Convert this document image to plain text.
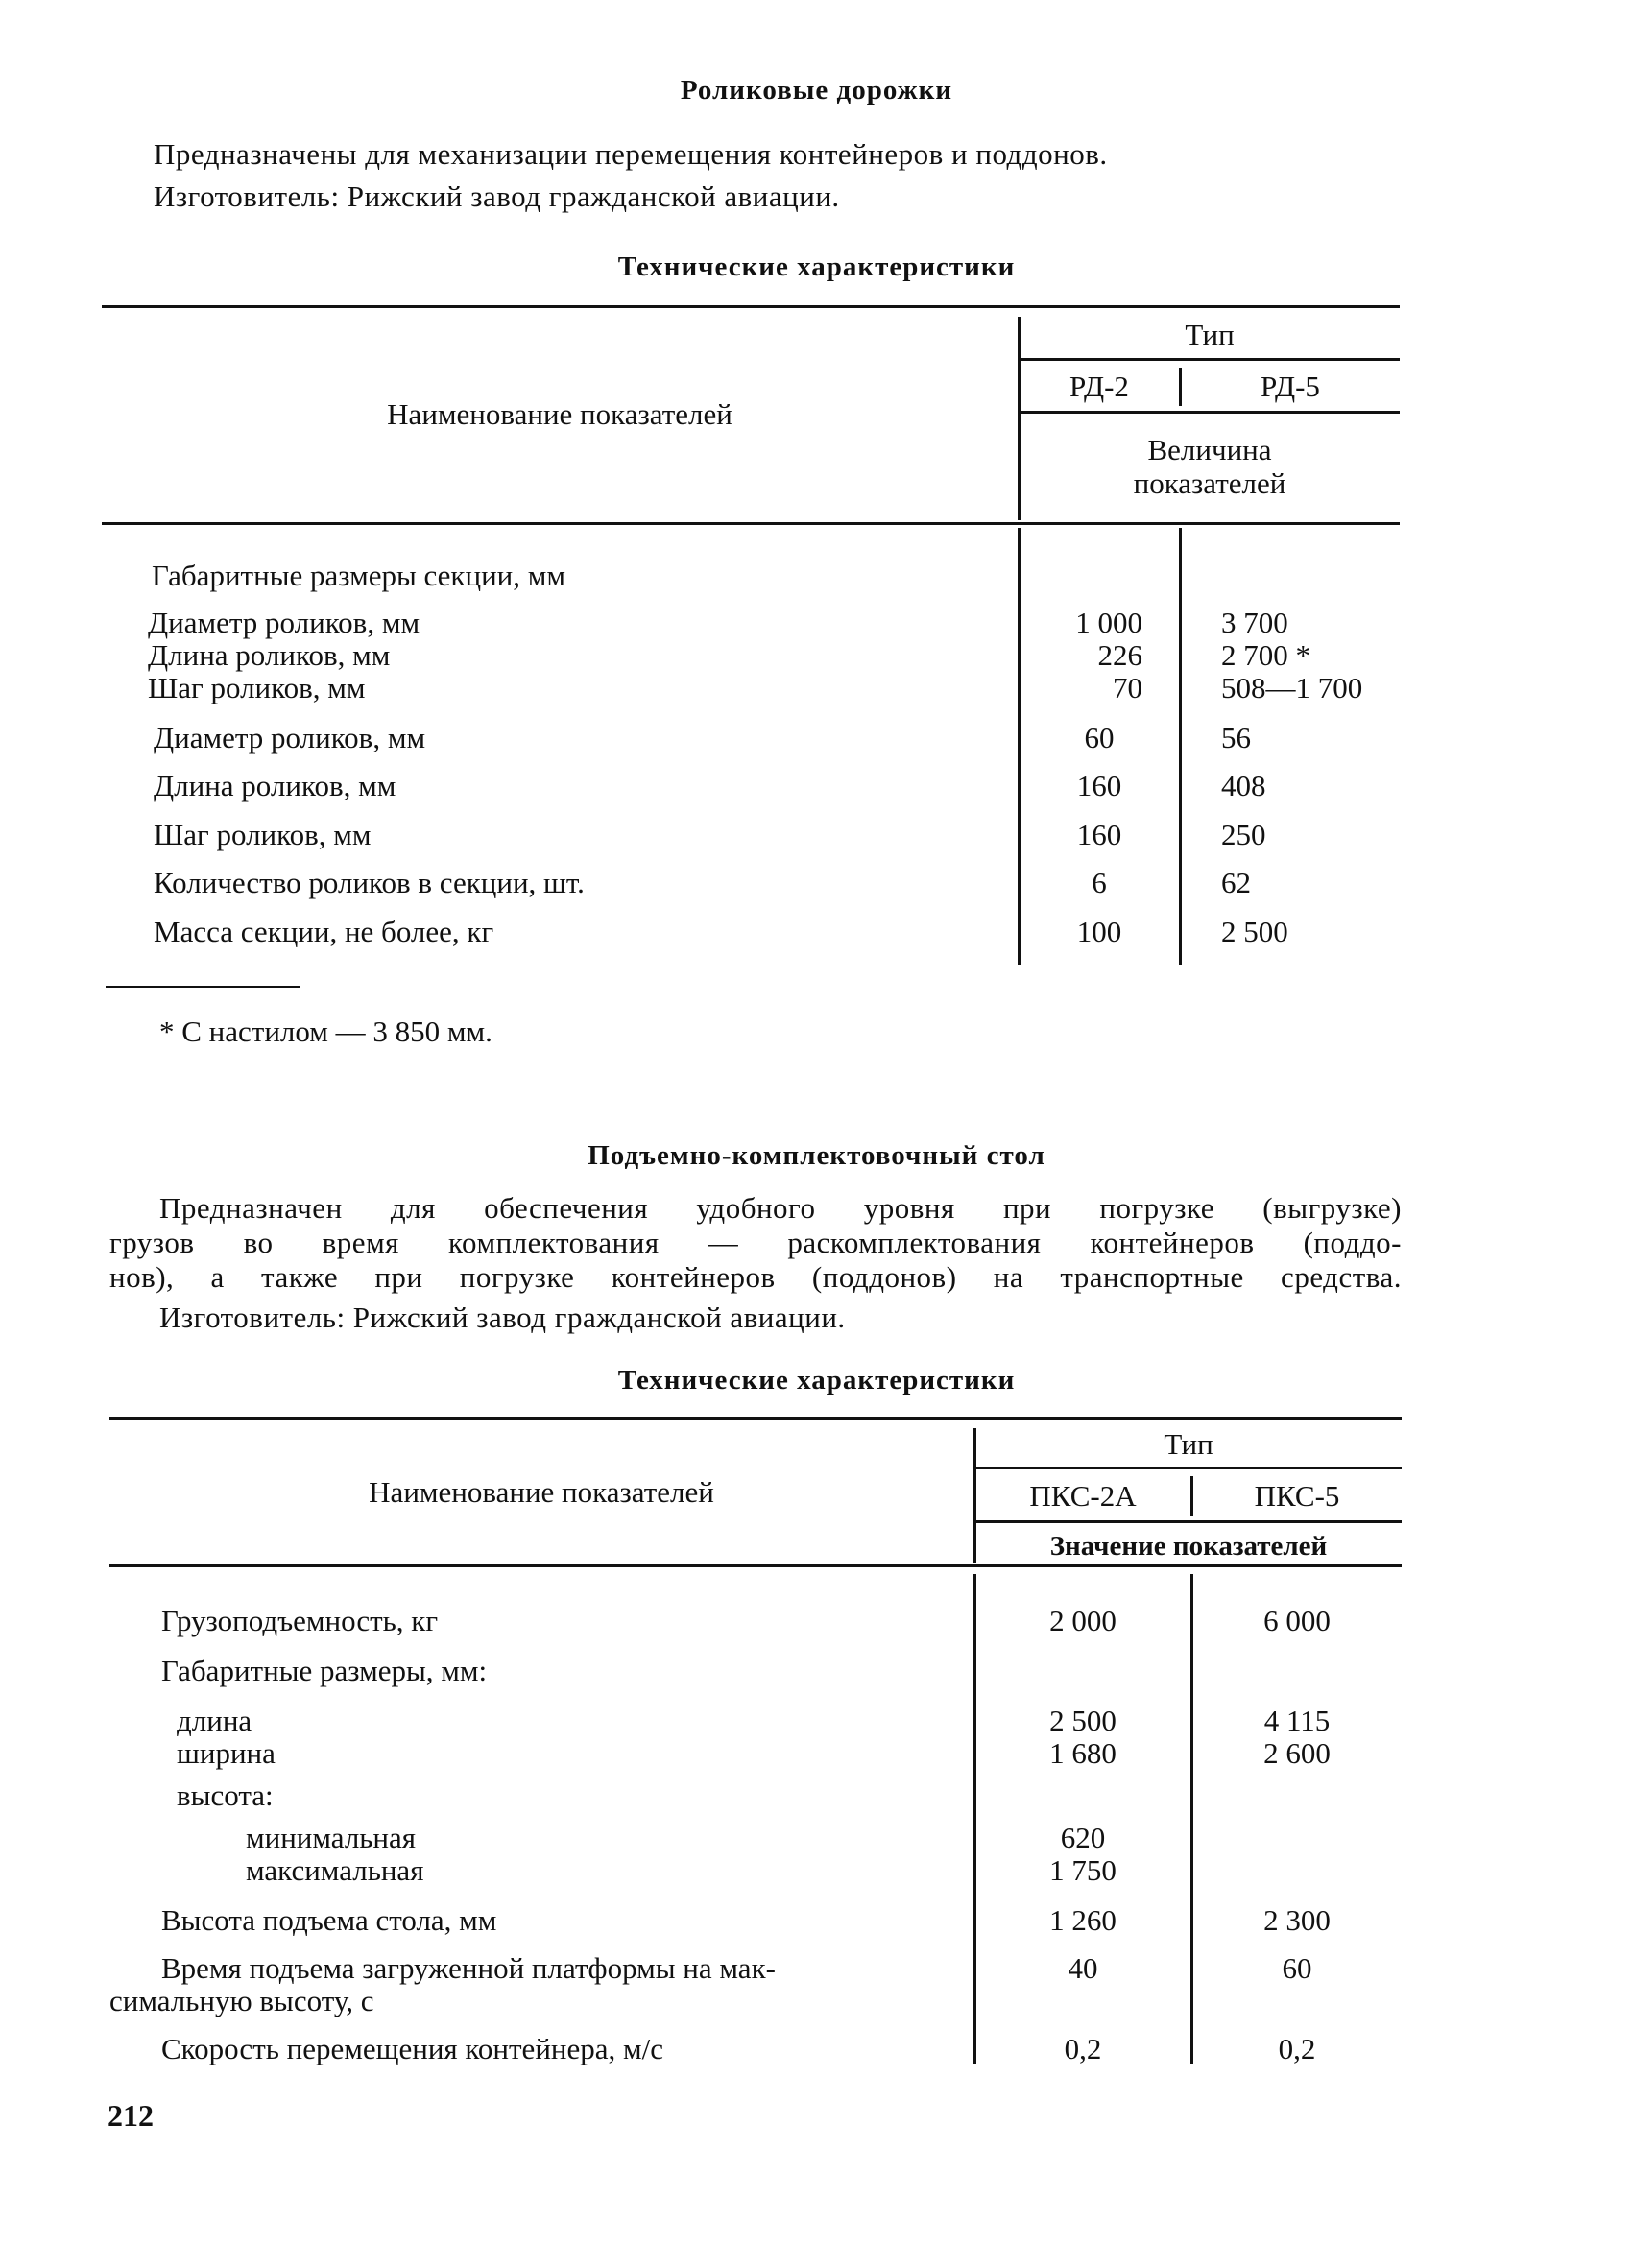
Роликовые дорожки
Предназначены для механизации перемещения контейнеров и поддонов.
Изготовитель: Рижский завод гражданской авиации.
Технические характеристики
Наименование показателей
Тип
РД-2	РД-5
Величина
показателей
Габаритные размеры секции, мм
Диаметр роликов, мм	1 000	3 700
Длина роликов, мм	226	2 700 *
Шаг роликов, мм	70	508—1 700
Диаметр роликов, мм	60	56
Длина роликов, мм	160	408
Шаг роликов, мм	160	250
Количество роликов в секции, шт.	6	62
Масса секции, не более, кг	100	2 500
* С настилом — 3 850 мм.
Подъемно-комплектовочный стол
Предназначен для обеспечения удобного уровня при погрузке (выгрузке)
грузов во время комплектования — раскомплектования контейнеров (поддо-
нов), а также при погрузке контейнеров (поддонов) на транспортные средства.
Изготовитель: Рижский завод гражданской авиации.
Технические характеристики
Наименование показателей
Тип
ПКС-2А	ПКС-5
Значение показателей
Грузоподъемность, кг	2 000	6 000
Габаритные размеры, мм:
длина	2 500	4 115
ширина	1 680	2 600
высота:
минимальная	620
максимальная	1 750
Высота подъема стола, мм	1 260	2 300
Время подъема загруженной платформы на мак-	40	60
симальную высоту, с
Скорость перемещения контейнера, м/с	0,2	0,2
212
